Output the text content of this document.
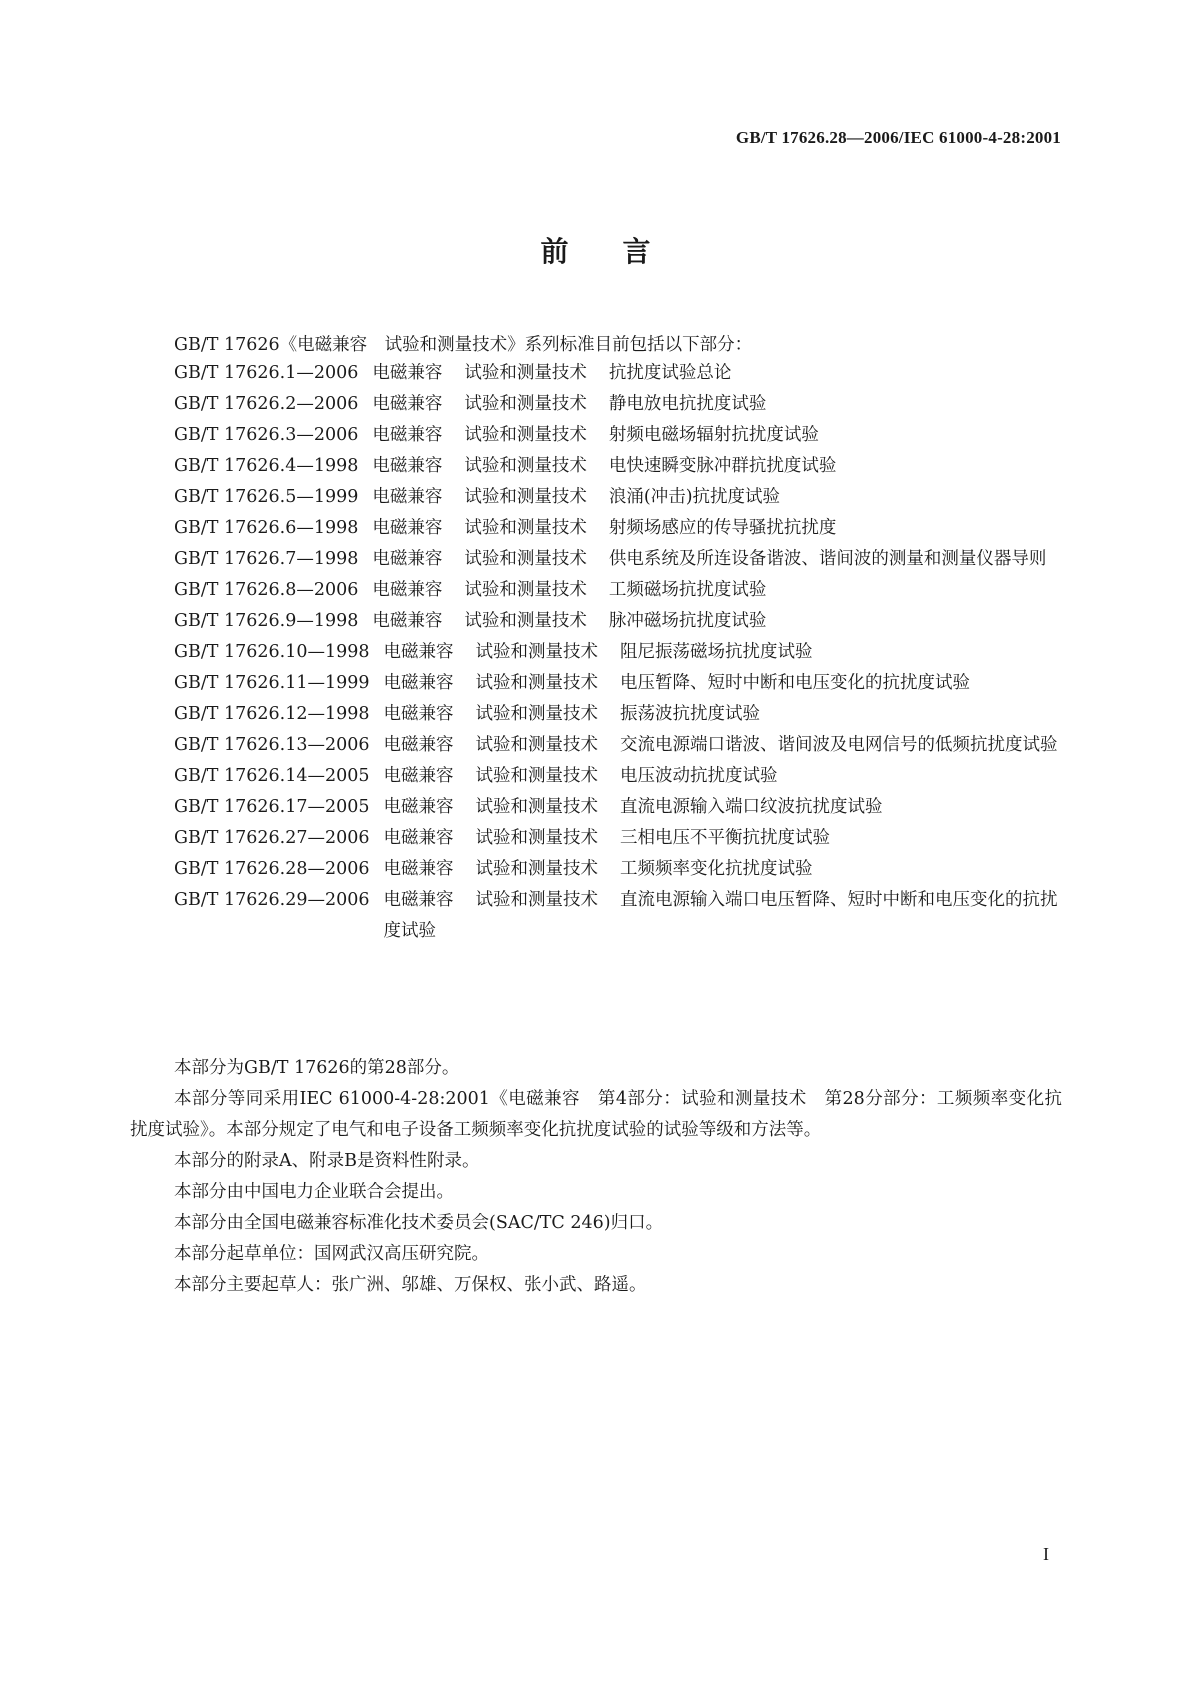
GB/T 17626.28—2006/IEC 61000-4-28:2001
前言
GB/T 17626《电磁兼容　试验和测量技术》系列标准目前包括以下部分：
GB/T 17626.1—2006 电磁兼容 试验和测量技术 抗扰度试验总论
GB/T 17626.2—2006 电磁兼容 试验和测量技术 静电放电抗扰度试验
GB/T 17626.3—2006 电磁兼容 试验和测量技术 射频电磁场辐射抗扰度试验
GB/T 17626.4—1998 电磁兼容 试验和测量技术 电快速瞬变脉冲群抗扰度试验
GB/T 17626.5—1999 电磁兼容 试验和测量技术 浪涌(冲击)抗扰度试验
GB/T 17626.6—1998 电磁兼容 试验和测量技术 射频场感应的传导骚扰抗扰度
GB/T 17626.7—1998 电磁兼容 试验和测量技术 供电系统及所连设备谐波、谐间波的测量和测量仪器导则
GB/T 17626.8—2006 电磁兼容 试验和测量技术 工频磁场抗扰度试验
GB/T 17626.9—1998 电磁兼容 试验和测量技术 脉冲磁场抗扰度试验
GB/T 17626.10—1998 电磁兼容 试验和测量技术 阻尼振荡磁场抗扰度试验
GB/T 17626.11—1999 电磁兼容 试验和测量技术 电压暂降、短时中断和电压变化的抗扰度试验
GB/T 17626.12—1998 电磁兼容 试验和测量技术 振荡波抗扰度试验
GB/T 17626.13—2006 电磁兼容 试验和测量技术 交流电源端口谐波、谐间波及电网信号的低频抗扰度试验
GB/T 17626.14—2005 电磁兼容 试验和测量技术 电压波动抗扰度试验
GB/T 17626.17—2005 电磁兼容 试验和测量技术 直流电源输入端口纹波抗扰度试验
GB/T 17626.27—2006 电磁兼容 试验和测量技术 三相电压不平衡抗扰度试验
GB/T 17626.28—2006 电磁兼容 试验和测量技术 工频频率变化抗扰度试验
GB/T 17626.29—2006 电磁兼容 试验和测量技术 直流电源输入端口电压暂降、短时中断和电压变化的抗扰度试验

本部分为GB/T 17626的第28部分。

本部分等同采用IEC 61000-4-28:2001《电磁兼容　第4部分：试验和测量技术　第28分部分：工频频率变化抗扰度试验》。本部分规定了电气和电子设备工频频率变化抗扰度试验的试验等级和方法等。

本部分的附录A、附录B是资料性附录。

本部分由中国电力企业联合会提出。

本部分由全国电磁兼容标准化技术委员会(SAC/TC 246)归口。

本部分起草单位：国网武汉高压研究院。

本部分主要起草人：张广洲、邬雄、万保权、张小武、路遥。

I
